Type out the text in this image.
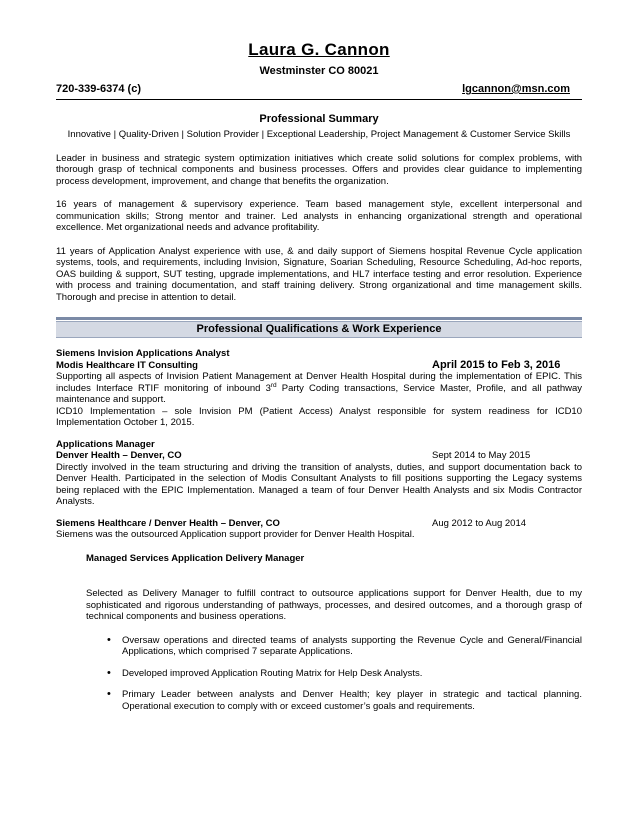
Laura G. Cannon
Westminster CO 80021
720-339-6374 (c)	lgcannon@msn.com
Professional Summary
Innovative | Quality-Driven | Solution Provider | Exceptional Leadership, Project Management & Customer Service Skills

Leader in business and strategic system optimization initiatives which create solid solutions for complex problems, with thorough grasp of technical components and business processes. Offers and provides clear guidance to implementing process development, improvement, and change that benefits the organization.

16 years of management & supervisory experience. Team based management style, excellent interpersonal and communication skills; Strong mentor and trainer. Led analysts in enhancing organizational strength and operational excellence. Met organizational needs and advance profitability.

11 years of Application Analyst experience with use, & and daily support of Siemens hospital Revenue Cycle application systems, tools, and requirements, including Invision, Signature, Soarian Scheduling, Resource Scheduling, Ad-hoc reports, OAS building & support, SUT testing, upgrade implementations, and HL7 interface testing and error resolution. Experience with process and training documentation, and staff training delivery. Strong organizational and time management skills. Thorough and precise in attention to detail.

Professional Qualifications & Work Experience
Siemens Invision Applications Analyst
Modis Healthcare IT Consulting	April 2015 to Feb 3, 2016

Supporting all aspects of Invision Patient Management at Denver Health Hospital during the implementation of EPIC. This includes Interface RTIF monitoring of inbound 3rd Party Coding transactions, Service Master, Profile, and all pathway maintenance and support.

ICD10 Implementation – sole Invision PM (Patient Access) Analyst responsible for system readiness for ICD10 Implementation October 1, 2015.

Applications Manager
Denver Health – Denver, CO	Sept 2014 to May 2015

Directly involved in the team structuring and driving the transition of analysts, duties, and support documentation back to Denver Health. Participated in the selection of Modis Consultant Analysts to fill positions supporting the Legacy systems being replaced with the EPIC Implementation. Managed a team of four Denver Health Analysts and six Modis Contractor Analysts.

Siemens Healthcare / Denver Health – Denver, CO	Aug 2012 to Aug 2014

Siemens was the outsourced Application support provider for Denver Health Hospital.

Managed Services Application Delivery Manager

Selected as Delivery Manager to fulfill contract to outsource applications support for Denver Health, due to my sophisticated and rigorous understanding of pathways, processes, and desired outcomes, and a thorough grasp of technical components and business operations.

• Oversaw operations and directed teams of analysts supporting the Revenue Cycle and General/Financial Applications, which comprised 7 separate Applications.
• Developed improved Application Routing Matrix for Help Desk Analysts.
• Primary Leader between analysts and Denver Health; key player in strategic and tactical planning. Operational execution to comply with or exceed customer’s goals and requirements.
